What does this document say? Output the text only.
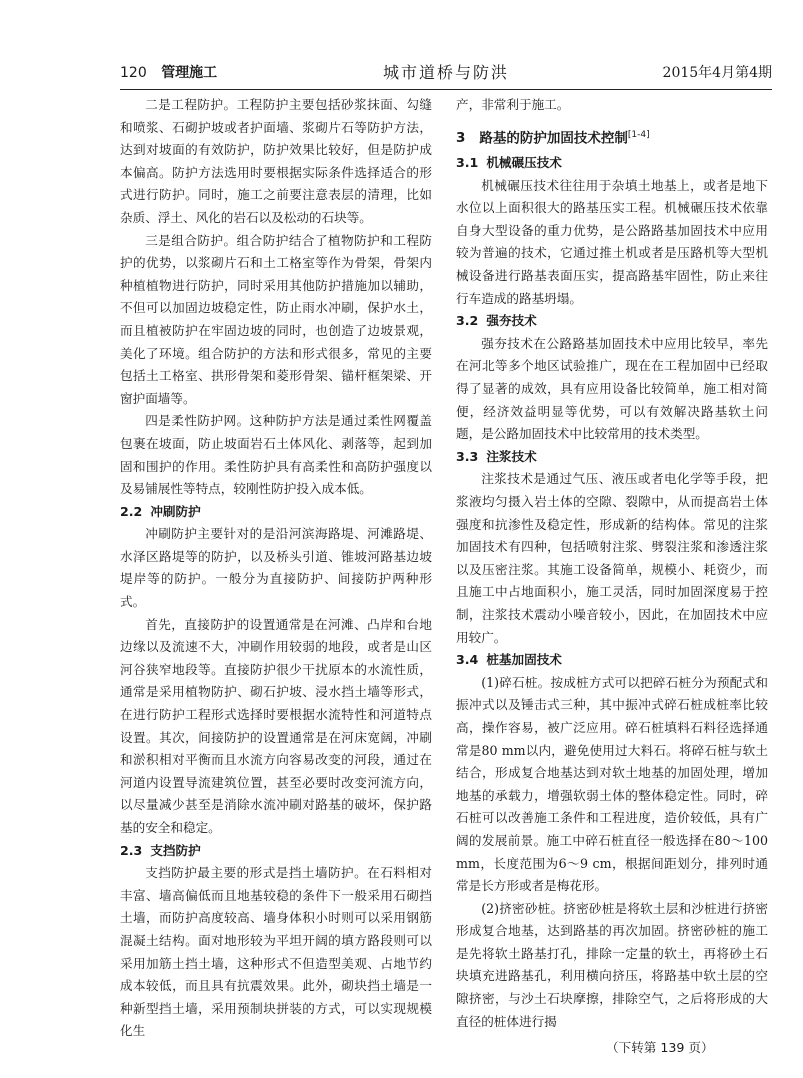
120 管理施工	城市道桥与防洪	2015年4月第4期

二是工程防护。工程防护主要包括砂浆抹面、勾缝和喷浆、石砌护坡或者护面墙、浆砌片石等防护方法，达到对坡面的有效防护，防护效果比较好，但是防护成本偏高。防护方法选用时要根据实际条件选择适合的形式进行防护。同时，施工之前要注意表层的清理，比如杂质、浮土、风化的岩石以及松动的石块等。

三是组合防护。组合防护结合了植物防护和工程防护的优势，以浆砌片石和土工格室等作为骨架，骨架内种植植物进行防护，同时采用其他防护措施加以辅助，不但可以加固边坡稳定性，防止雨水冲刷，保护水土，而且植被防护在牢固边坡的同时，也创造了边坡景观，美化了环境。组合防护的方法和形式很多，常见的主要包括土工格室、拱形骨架和菱形骨架、锚杆框架梁、开窗护面墙等。

四是柔性防护网。这种防护方法是通过柔性网覆盖包裹在坡面，防止坡面岩石土体风化、剥落等，起到加固和围护的作用。柔性防护具有高柔性和高防护强度以及易铺展性等特点，较刚性防护投入成本低。

2.2 冲刷防护

冲刷防护主要针对的是沿河滨海路堤、河滩路堤、水泽区路堤等的防护，以及桥头引道、锥坡河路基边坡堤岸等的防护。一般分为直接防护、间接防护两种形式。

首先，直接防护的设置通常是在河滩、凸岸和台地边缘以及流速不大，冲刷作用较弱的地段，或者是山区河谷狭窄地段等。直接防护很少干扰原本的水流性质，通常是采用植物防护、砌石护坡、浸水挡土墙等形式，在进行防护工程形式选择时要根据水流特性和河道特点设置。其次，间接防护的设置通常是在河床宽阔，冲刷和淤积相对平衡而且水流方向容易改变的河段，通过在河道内设置导流建筑位置，甚至必要时改变河流方向，以尽量减少甚至是消除水流冲刷对路基的破坏，保护路基的安全和稳定。

2.3 支挡防护

支挡防护最主要的形式是挡土墙防护。在石料相对丰富、墙高偏低而且地基较稳的条件下一般采用石砌挡土墙，而防护高度较高、墙身体积小时则可以采用钢筋混凝土结构。面对地形较为平坦开阔的填方路段则可以采用加筋土挡土墙，这种形式不但造型美观、占地节约成本较低，而且具有抗震效果。此外，砌块挡土墙是一种新型挡土墙，采用预制块拼装的方式，可以实现规模化生

产，非常利于施工。

3 路基的防护加固技术控制[1-4]
3.1 机械碾压技术

机械碾压技术往往用于杂填土地基上，或者是地下水位以上面积很大的路基压实工程。机械碾压技术依靠自身大型设备的重力优势，是公路路基加固技术中应用较为普遍的技术，它通过推土机或者是压路机等大型机械设备进行路基表面压实，提高路基牢固性，防止来往行车造成的路基坍塌。

3.2 强夯技术

强夯技术在公路路基加固技术中应用比较早，率先在河北等多个地区试验推广，现在在工程加固中已经取得了显著的成效，具有应用设备比较简单，施工相对简便，经济效益明显等优势，可以有效解决路基软土问题，是公路加固技术中比较常用的技术类型。

3.3 注浆技术

注浆技术是通过气压、液压或者电化学等手段，把浆液均匀摄入岩土体的空隙、裂隙中，从而提高岩土体强度和抗渗性及稳定性，形成新的结构体。常见的注浆加固技术有四种，包括喷射注浆、劈裂注浆和渗透注浆以及压密注浆。其施工设备简单，规模小、耗资少，而且施工中占地面积小，施工灵活，同时加固深度易于控制，注浆技术震动小噪音较小，因此，在加固技术中应用较广。

3.4 桩基加固技术

(1)碎石桩。按成桩方式可以把碎石桩分为预配式和振冲式以及锤击式三种，其中振冲式碎石桩成桩率比较高，操作容易，被广泛应用。碎石桩填料石料径选择通常是80 mm以内，避免使用过大料石。将碎石桩与软土结合，形成复合地基达到对软土地基的加固处理，增加地基的承载力，增强软弱土体的整体稳定性。同时，碎石桩可以改善施工条件和工程进度，造价较低，具有广阔的发展前景。施工中碎石桩直径一般选择在80～100 mm，长度范围为6～9 cm，根据间距划分，排列时通常是长方形或者是梅花形。

(2)挤密砂桩。挤密砂桩是将软土层和沙桩进行挤密形成复合地基，达到路基的再次加固。挤密砂桩的施工是先将软土路基打孔，排除一定量的软土，再将砂土石块填充进路基孔，利用横向挤压，将路基中软土层的空隙挤密，与沙土石块摩擦，排除空气，之后将形成的大直径的桩体进行揭

（下转第 139 页）
